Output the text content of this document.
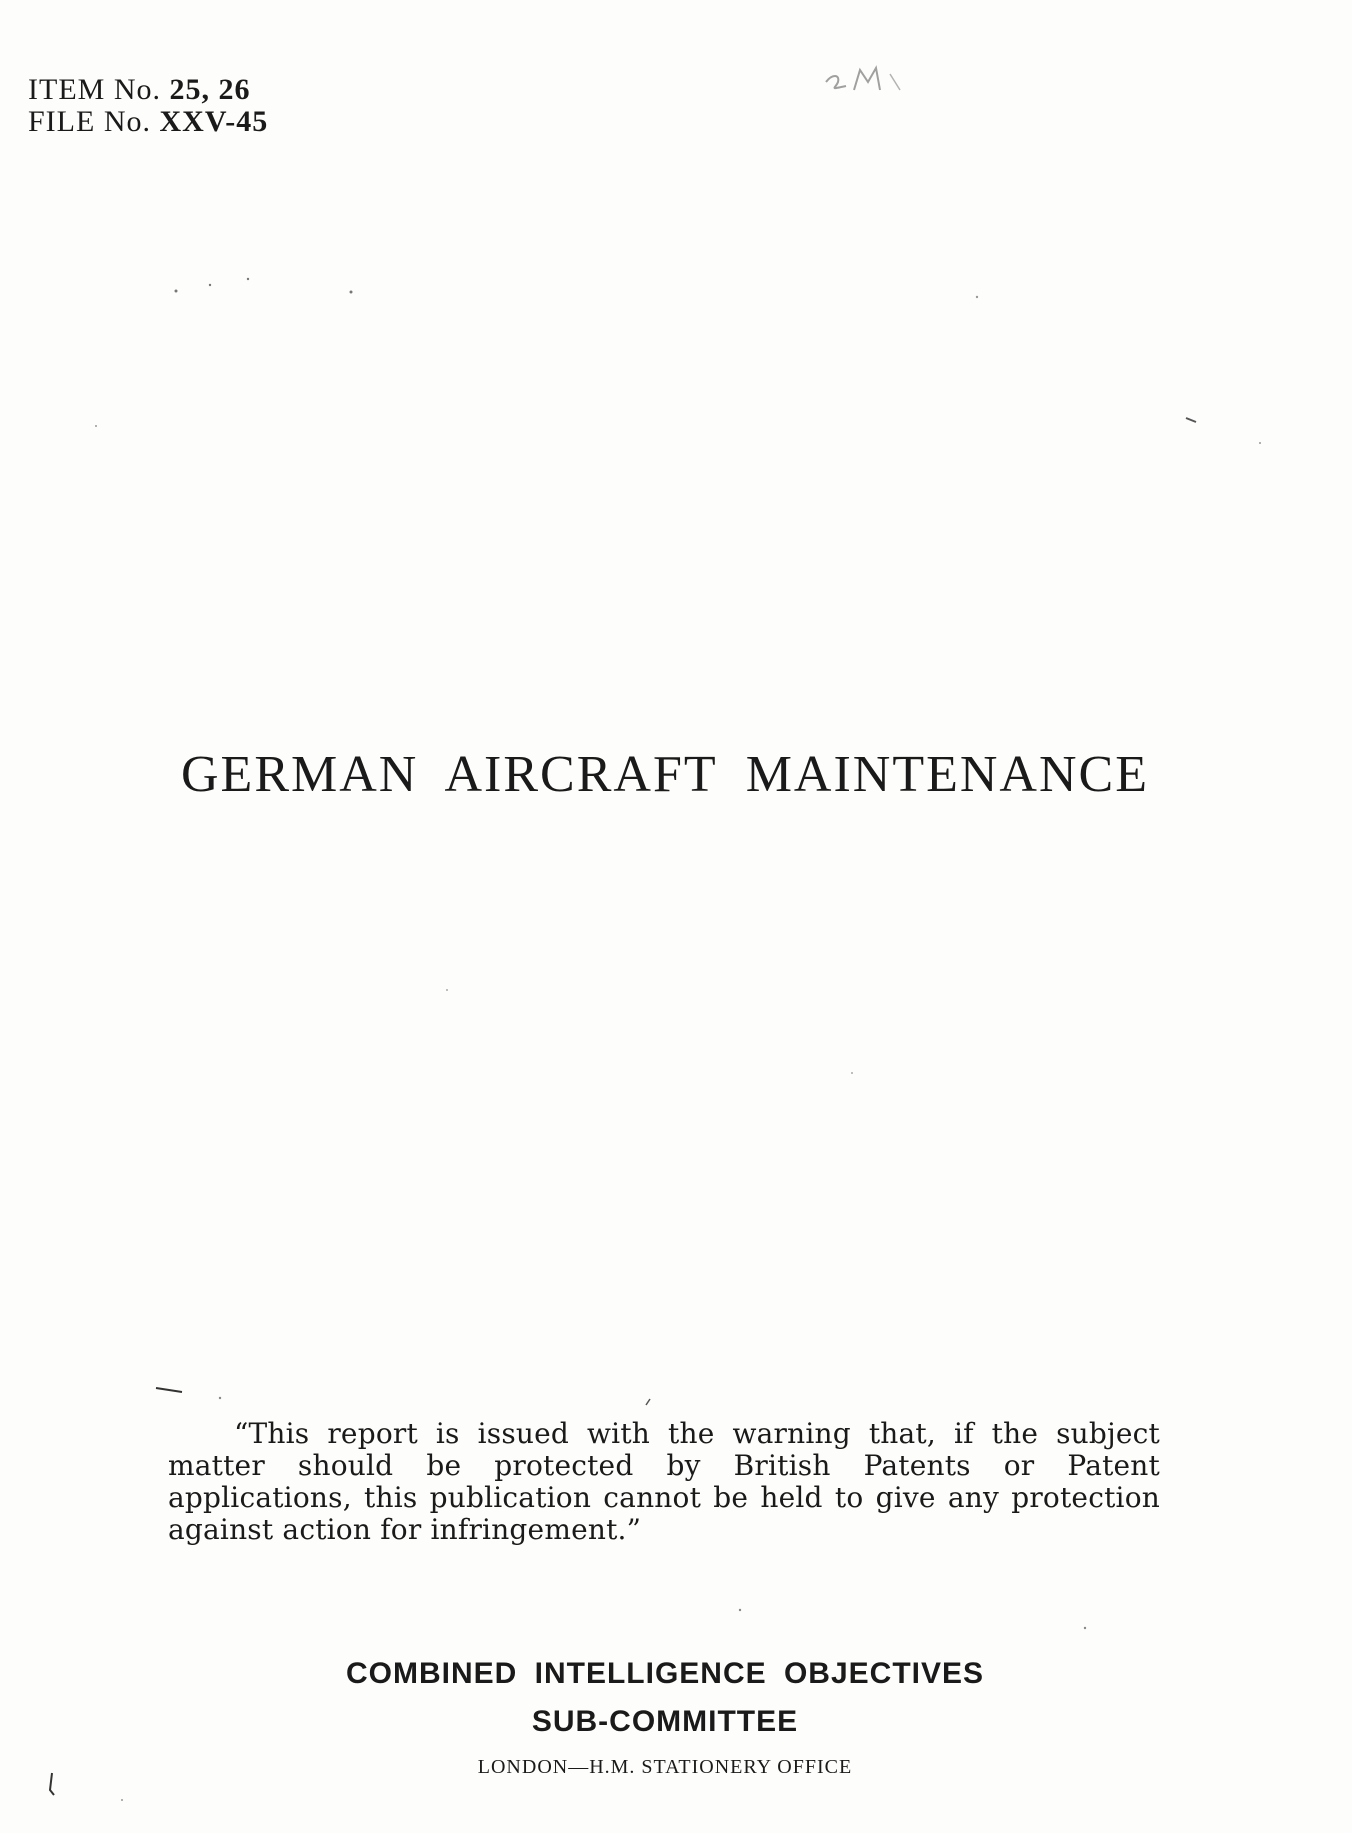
ITEM No. 25, 26
FILE No. XXV-45
GERMAN AIRCRAFT MAINTENANCE

“This report is issued with the warning that, if the subject matter should be protected by British Patents or Patent applications, this publication cannot be held to give any protection against action for infringement.”

COMBINED INTELLIGENCE OBJECTIVES
SUB-COMMITTEE
LONDON—H.M. STATIONERY OFFICE
